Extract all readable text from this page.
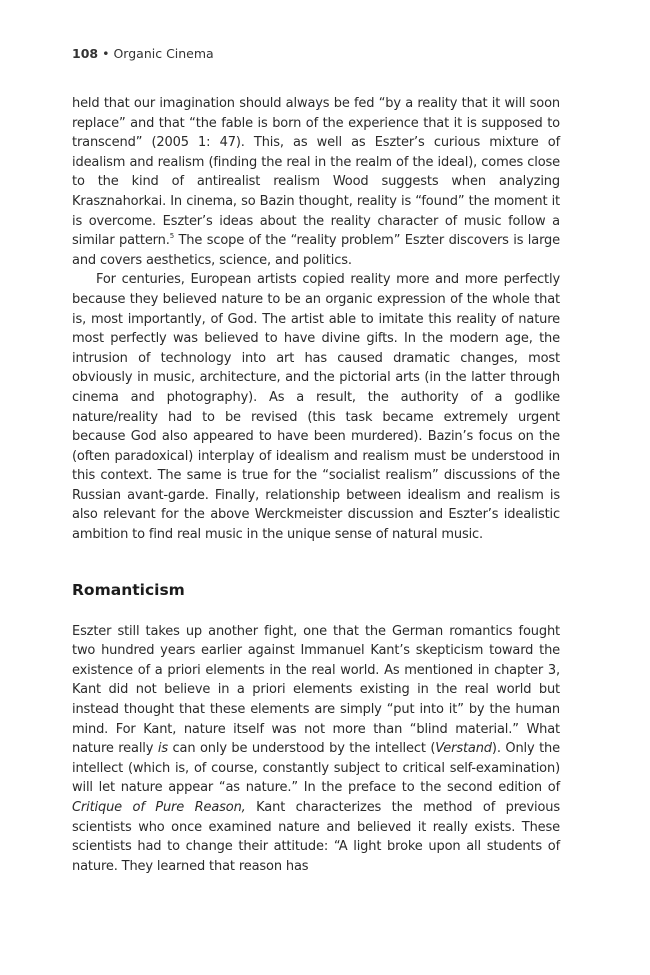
108 • Organic Cinema

held that our imagination should always be fed “by a reality that it will soon replace” and that “the fable is born of the experience that it is supposed to transcend” (2005 1: 47). This, as well as Eszter’s curious mixture of idealism and realism (finding the real in the realm of the ideal), comes close to the kind of antirealist realism Wood suggests when analyzing Krasznahorkai. In cinema, so Bazin thought, reality is “found” the moment it is overcome. Eszter’s ideas about the reality character of music follow a similar pattern.$^5$ The scope of the “reality problem” Eszter discovers is large and covers aesthetics, science, and politics.

For centuries, European artists copied reality more and more perfectly because they believed nature to be an organic expression of the whole that is, most importantly, of God. The artist able to imitate this reality of nature most perfectly was believed to have divine gifts. In the modern age, the intrusion of technology into art has caused dramatic changes, most obviously in music, architecture, and the pictorial arts (in the latter through cinema and photography). As a result, the authority of a godlike nature/reality had to be revised (this task became extremely urgent because God also appeared to have been murdered). Bazin’s focus on the (often paradoxical) interplay of idealism and realism must be understood in this context. The same is true for the “socialist realism” discussions of the Russian avant-garde. Finally, relationship between idealism and realism is also relevant for the above Werckmeister discussion and Eszter’s idealistic ambition to find real music in the unique sense of natural music.

Romanticism

Eszter still takes up another fight, one that the German romantics fought two hundred years earlier against Immanuel Kant’s skepticism toward the existence of a priori elements in the real world. As mentioned in chapter 3, Kant did not believe in a priori elements existing in the real world but instead thought that these elements are simply “put into it” by the human mind. For Kant, nature itself was not more than “blind material.” What nature really is can only be understood by the intellect (Verstand). Only the intellect (which is, of course, constantly subject to critical self-examination) will let nature appear “as nature.” In the preface to the second edition of Critique of Pure Reason, Kant characterizes the method of previous scientists who once examined nature and believed it really exists. These scientists had to change their attitude: “A light broke upon all students of nature. They learned that reason has
